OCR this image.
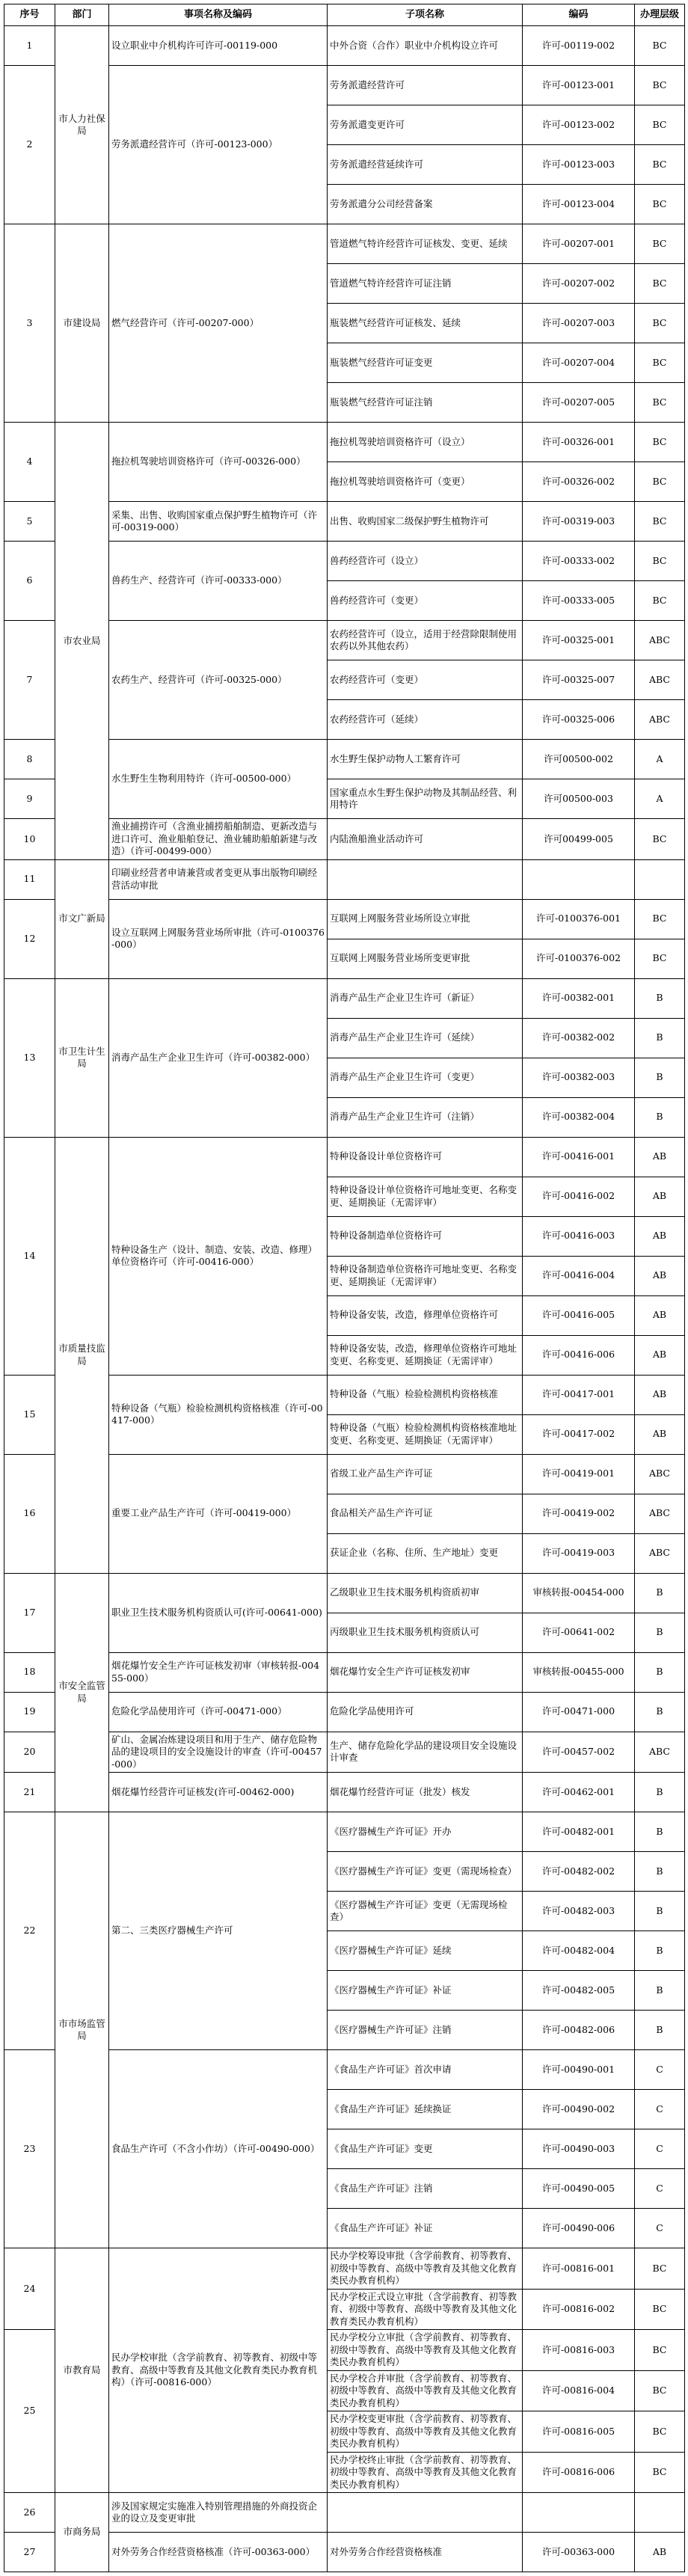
序号	部门	事项名称及编码	子项名称	编码	办理层级
1	市人力社保局	设立职业中介机构许可许可-00119-000	中外合资（合作）职业中介机构设立许可	许可-00119-002	BC
2		劳务派遣经营许可（许可-00123-000）	劳务派遣经营许可	许可-00123-001	BC
			劳务派遣变更许可	许可-00123-002	BC
			劳务派遣经营延续许可	许可-00123-003	BC
			劳务派遣分公司经营备案	许可-00123-004	BC
3	市建设局	燃气经营许可（许可-00207-000）	管道燃气特许经营许可证核发、变更、延续	许可-00207-001	BC
			管道燃气特许经营许可证注销	许可-00207-002	BC
			瓶装燃气经营许可证核发、延续	许可-00207-003	BC
			瓶装燃气经营许可证变更	许可-00207-004	BC
			瓶装燃气经营许可证注销	许可-00207-005	BC
4	市农业局	拖拉机驾驶培训资格许可（许可-00326-000）	拖拉机驾驶培训资格许可（设立）	许可-00326-001	BC
			拖拉机驾驶培训资格许可（变更）	许可-00326-002	BC
5		采集、出售、收购国家重点保护野生植物许可（许可-00319-000）	出售、收购国家二级保护野生植物许可	许可-00319-003	BC
6		兽药生产、经营许可（许可-00333-000）	兽药经营许可（设立）	许可-00333-002	BC
			兽药经营许可（变更）	许可-00333-005	BC
7		农药生产、经营许可（许可-00325-000）	农药经营许可（设立，适用于经营除限制使用农药以外其他农药）	许可-00325-001	ABC
			农药经营许可（变更）	许可-00325-007	ABC
			农药经营许可（延续）	许可-00325-006	ABC
8		水生野生生物利用特许（许可-00500-000）	水生野生保护动物人工繁育许可	许可00500-002	A
9			国家重点水生野生保护动物及其制品经营、利用特许	许可00500-003	A
10		渔业捕捞许可（含渔业捕捞船舶制造、更新改造与进口许可、渔业船舶登记、渔业辅助船舶新建与改造）（许可-00499-000）	内陆渔船渔业活动许可	许可00499-005	BC
11	市文广新局	印刷业经营者申请兼营或者变更从事出版物印刷经营活动审批			
12		设立互联网上网服务营业场所审批（许可-0100376-000）	互联网上网服务营业场所设立审批	许可-0100376-001	BC
			互联网上网服务营业场所变更审批	许可-0100376-002	BC
13	市卫生计生局	消毒产品生产企业卫生许可（许可-00382-000）	消毒产品生产企业卫生许可（新证）	许可-00382-001	B
			消毒产品生产企业卫生许可（延续）	许可-00382-002	B
			消毒产品生产企业卫生许可（变更）	许可-00382-003	B
			消毒产品生产企业卫生许可（注销）	许可-00382-004	B
14	市质量技监局	特种设备生产（设计、制造、安装、改造、修理）单位资格许可（许可-00416-000）	特种设备设计单位资格许可	许可-00416-001	AB
			特种设备设计单位资格许可地址变更、名称变更、延期换证（无需评审）	许可-00416-002	AB
			特种设备制造单位资格许可	许可-00416-003	AB
			特种设备制造单位资格许可地址变更、名称变更、延期换证（无需评审）	许可-00416-004	AB
			特种设备安装，改造，修理单位资格许可	许可-00416-005	AB
			特种设备安装，改造，修理单位资格许可地址变更、名称变更、延期换证（无需评审）	许可-00416-006	AB
15		特种设备（气瓶）检验检测机构资格核准（许可-00417-000）	特种设备（气瓶）检验检测机构资格核准	许可-00417-001	AB
			特种设备（气瓶）检验检测机构资格核准地址变更、名称变更、延期换证（无需评审）	许可-00417-002	AB
16		重要工业产品生产许可（许可-00419-000）	省级工业产品生产许可证	许可-00419-001	ABC
			食品相关产品生产许可证	许可-00419-002	ABC
			获证企业（名称、住所、生产地址）变更	许可-00419-003	ABC
17	市安全监管局	职业卫生技术服务机构资质认可(许可-00641-000)	乙级职业卫生技术服务机构资质初审	审核转报-00454-000	B
			丙级职业卫生技术服务机构资质认可	许可-00641-002	B
18		烟花爆竹安全生产许可证核发初审（审核转报-00455-000）	烟花爆竹安全生产许可证核发初审	审核转报-00455-000	B
19		危险化学品使用许可（许可-00471-000）	危险化学品使用许可	许可-00471-000	B
20		矿山、金属冶炼建设项目和用于生产、储存危险物品的建设项目的安全设施设计的审查（许可-00457-000）	生产、储存危险化学品的建设项目安全设施设计审查	许可-00457-002	ABC
21		烟花爆竹经营许可证核发(许可-00462-000)	烟花爆竹经营许可证（批发）核发	许可-00462-001	B
22	市市场监管局	第二、三类医疗器械生产许可	《医疗器械生产许可证》开办	许可-00482-001	B
			《医疗器械生产许可证》变更（需现场检查）	许可-00482-002	B
			《医疗器械生产许可证》变更（无需现场检查）	许可-00482-003	B
			《医疗器械生产许可证》延续	许可-00482-004	B
			《医疗器械生产许可证》补证	许可-00482-005	B
			《医疗器械生产许可证》注销	许可-00482-006	B
23		食品生产许可（不含小作坊）（许可-00490-000）	《食品生产许可证》首次申请	许可-00490-001	C
			《食品生产许可证》延续换证	许可-00490-002	C
			《食品生产许可证》变更	许可-00490-003	C
			《食品生产许可证》注销	许可-00490-005	C
			《食品生产许可证》补证	许可-00490-006	C
24	市教育局	民办学校审批（含学前教育、初等教育、初级中等教育、高级中等教育及其他文化教育类民办教育机构）（许可-00816-000）	民办学校筹设审批（含学前教育、初等教育、初级中等教育、高级中等教育及其他文化教育类民办教育机构）	许可-00816-001	BC
			民办学校正式设立审批（含学前教育、初等教育、初级中等教育、高级中等教育及其他文化教育类民办教育机构）	许可-00816-002	BC
25			民办学校分立审批（含学前教育、初等教育、初级中等教育、高级中等教育及其他文化教育类民办教育机构）	许可-00816-003	BC
			民办学校合并审批（含学前教育、初等教育、初级中等教育、高级中等教育及其他文化教育类民办教育机构）	许可-00816-004	BC
			民办学校变更审批（含学前教育、初等教育、初级中等教育、高级中等教育及其他文化教育类民办教育机构）	许可-00816-005	BC
			民办学校终止审批（含学前教育、初等教育、初级中等教育、高级中等教育及其他文化教育类民办教育机构）	许可-00816-006	BC
26	市商务局	涉及国家规定实施准入特别管理措施的外商投资企业的设立及变更审批			
27		对外劳务合作经营资格核准（许可-00363-000）	对外劳务合作经营资格核准	许可-00363-000	AB
